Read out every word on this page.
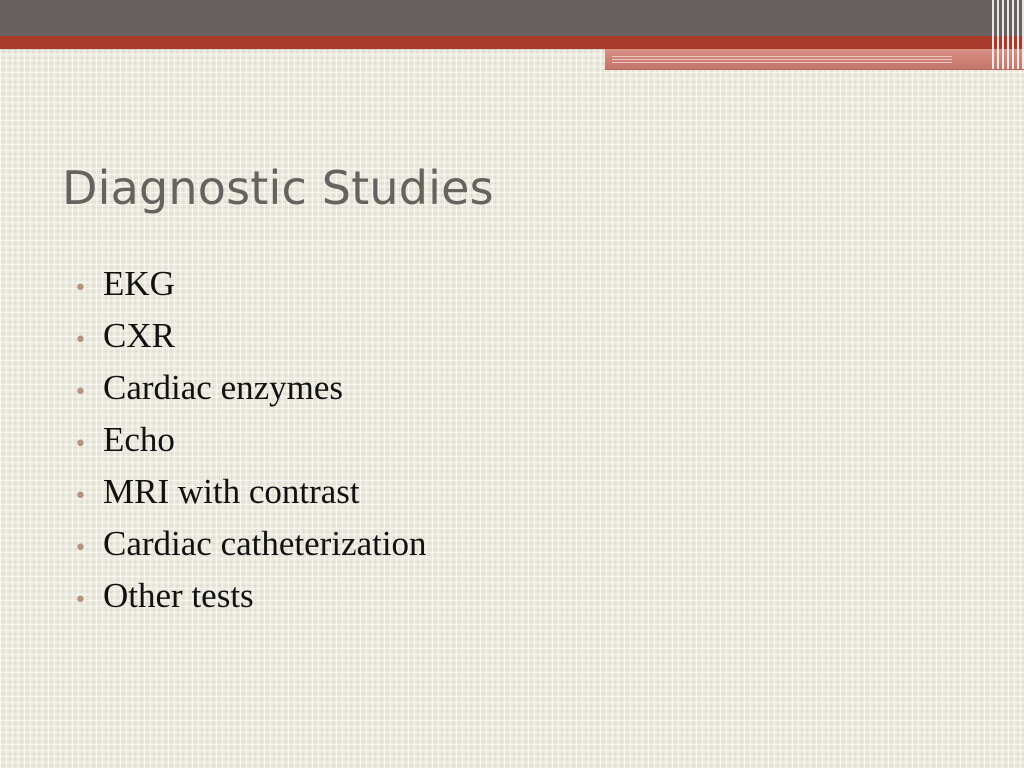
Diagnostic Studies
• EKG
• CXR
• Cardiac enzymes
• Echo
• MRI with contrast
• Cardiac catheterization
• Other tests
